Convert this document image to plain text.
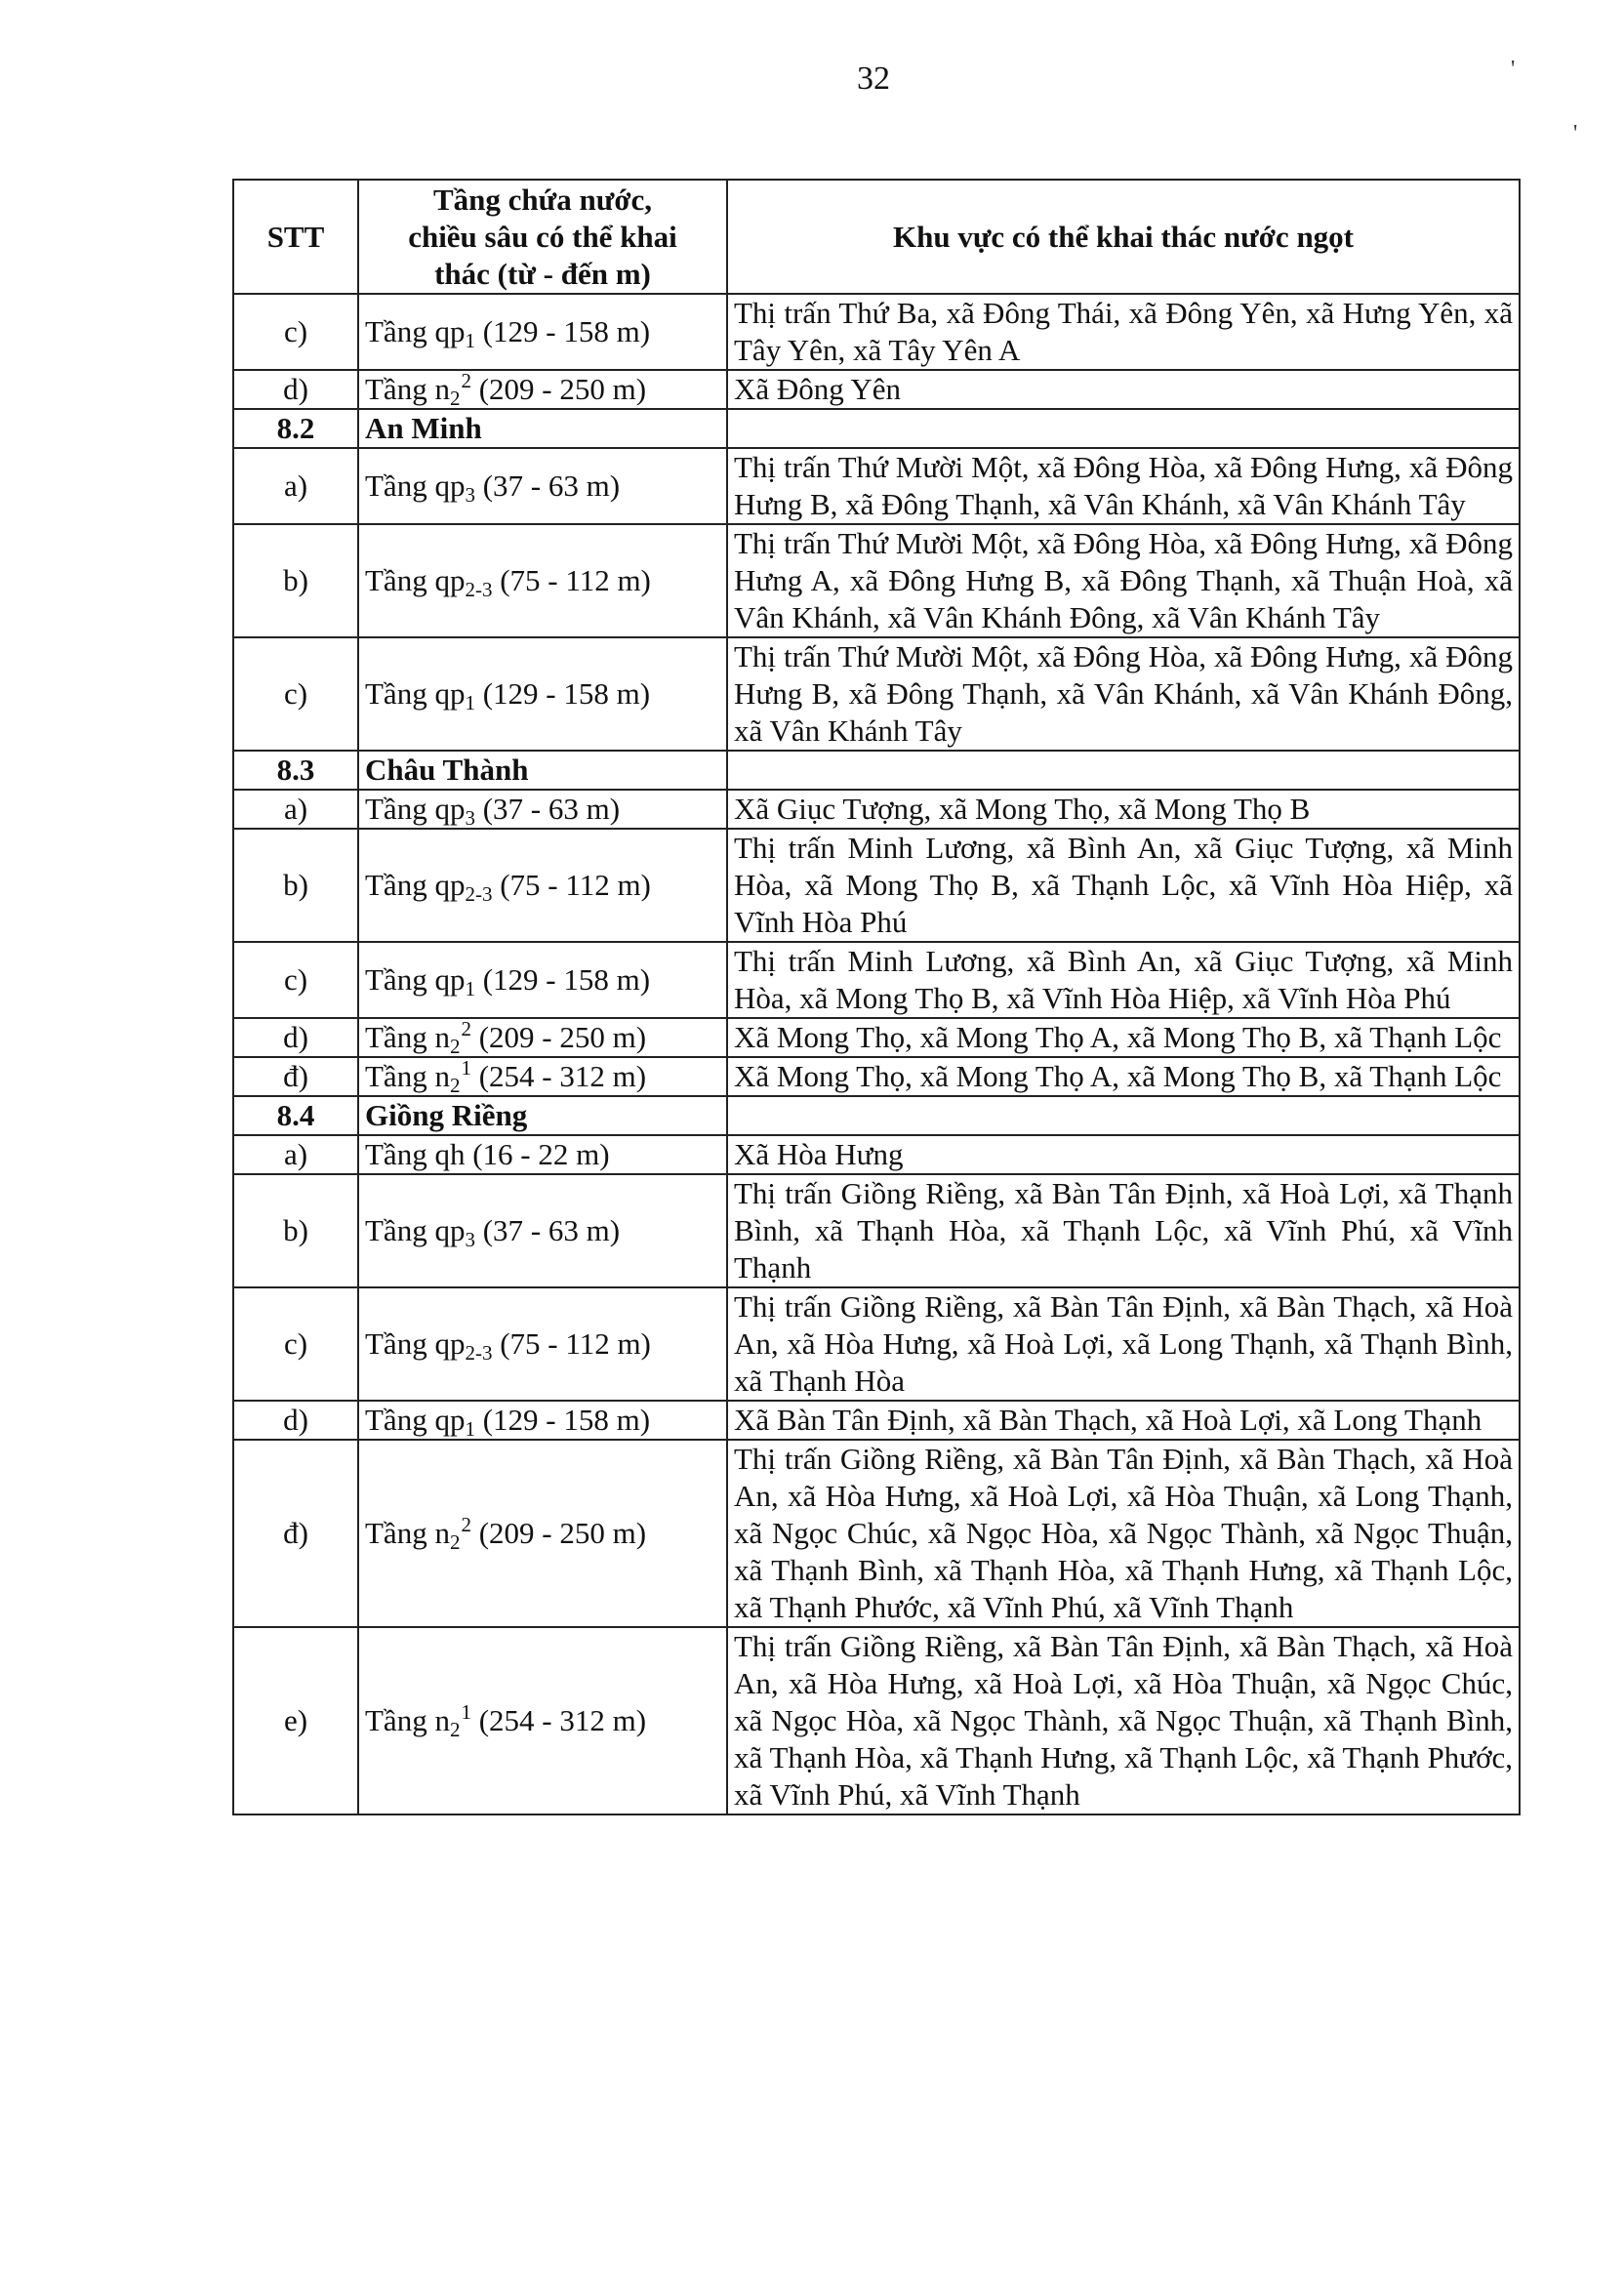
32	'
'
STT	Tầng chứa nước,
chiều sâu có thể khai
thác (từ - đến m)	Khu vực có thể khai thác nước ngọt
c)	Tầng qp1 (129 - 158 m)	Thị trấn Thứ Ba, xã Đông Thái, xã Đông Yên, xã Hưng Yên, xã Tây Yên, xã Tây Yên A
d)	Tầng $n2^2$ (209 - 250 m)	Xã Đông Yên
8.2	An Minh	
a)	Tầng qp3 (37 - 63 m)	Thị trấn Thứ Mười Một, xã Đông Hòa, xã Đông Hưng, xã Đông Hưng B, xã Đông Thạnh, xã Vân Khánh, xã Vân Khánh Tây
b)	Tầng qp2-3 (75 - 112 m)	Thị trấn Thứ Mười Một, xã Đông Hòa, xã Đông Hưng, xã Đông Hưng A, xã Đông Hưng B, xã Đông Thạnh, xã Thuận Hoà, xã Vân Khánh, xã Vân Khánh Đông, xã Vân Khánh Tây
c)	Tầng qp1 (129 - 158 m)	Thị trấn Thứ Mười Một, xã Đông Hòa, xã Đông Hưng, xã Đông Hưng B, xã Đông Thạnh, xã Vân Khánh, xã Vân Khánh Đông, xã Vân Khánh Tây
8.3	Châu Thành	
a)	Tầng qp3 (37 - 63 m)	Xã Giục Tượng, xã Mong Thọ, xã Mong Thọ B
b)	Tầng qp2-3 (75 - 112 m)	Thị trấn Minh Lương, xã Bình An, xã Giục Tượng, xã Minh Hòa, xã Mong Thọ B, xã Thạnh Lộc, xã Vĩnh Hòa Hiệp, xã Vĩnh Hòa Phú
c)	Tầng qp1 (129 - 158 m)	Thị trấn Minh Lương, xã Bình An, xã Giục Tượng, xã Minh Hòa, xã Mong Thọ B, xã Vĩnh Hòa Hiệp, xã Vĩnh Hòa Phú
d)	Tầng $n2^2$ (209 - 250 m)	Xã Mong Thọ, xã Mong Thọ A, xã Mong Thọ B, xã Thạnh Lộc
đ)	Tầng $n2^1$ (254 - 312 m)	Xã Mong Thọ, xã Mong Thọ A, xã Mong Thọ B, xã Thạnh Lộc
8.4	Giồng Riềng	
a)	Tầng qh (16 - 22 m)	Xã Hòa Hưng
b)	Tầng qp3 (37 - 63 m)	Thị trấn Giồng Riềng, xã Bàn Tân Định, xã Hoà Lợi, xã Thạnh Bình, xã Thạnh Hòa, xã Thạnh Lộc, xã Vĩnh Phú, xã Vĩnh Thạnh
c)	Tầng qp2-3 (75 - 112 m)	Thị trấn Giồng Riềng, xã Bàn Tân Định, xã Bàn Thạch, xã Hoà An, xã Hòa Hưng, xã Hoà Lợi, xã Long Thạnh, xã Thạnh Bình, xã Thạnh Hòa
d)	Tầng qp1 (129 - 158 m)	Xã Bàn Tân Định, xã Bàn Thạch, xã Hoà Lợi, xã Long Thạnh
đ)	Tầng $n2^2$ (209 - 250 m)	Thị trấn Giồng Riềng, xã Bàn Tân Định, xã Bàn Thạch, xã Hoà An, xã Hòa Hưng, xã Hoà Lợi, xã Hòa Thuận, xã Long Thạnh, xã Ngọc Chúc, xã Ngọc Hòa, xã Ngọc Thành, xã Ngọc Thuận, xã Thạnh Bình, xã Thạnh Hòa, xã Thạnh Hưng, xã Thạnh Lộc, xã Thạnh Phước, xã Vĩnh Phú, xã Vĩnh Thạnh
e)	Tầng $n2^1$ (254 - 312 m)	Thị trấn Giồng Riềng, xã Bàn Tân Định, xã Bàn Thạch, xã Hoà An, xã Hòa Hưng, xã Hoà Lợi, xã Hòa Thuận, xã Ngọc Chúc, xã Ngọc Hòa, xã Ngọc Thành, xã Ngọc Thuận, xã Thạnh Bình, xã Thạnh Hòa, xã Thạnh Hưng, xã Thạnh Lộc, xã Thạnh Phước, xã Vĩnh Phú, xã Vĩnh Thạnh
